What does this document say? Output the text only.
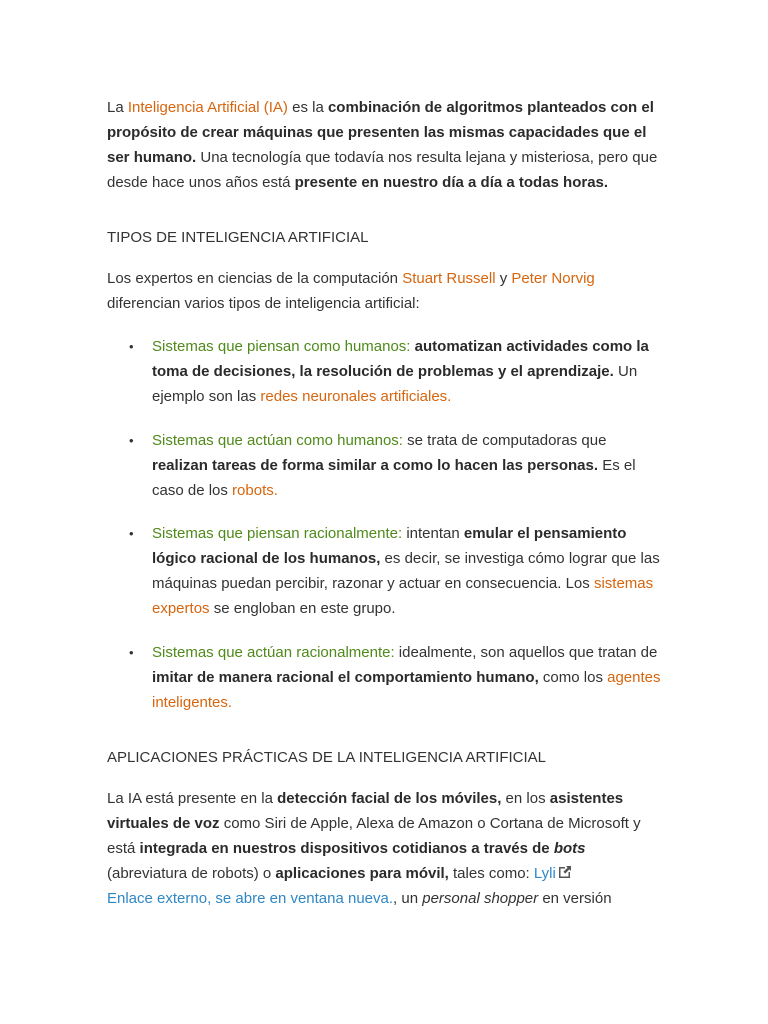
La Inteligencia Artificial (IA) es la combinación de algoritmos planteados con el propósito de crear máquinas que presenten las mismas capacidades que el ser humano. Una tecnología que todavía nos resulta lejana y misteriosa, pero que desde hace unos años está presente en nuestro día a día a todas horas.

TIPOS DE INTELIGENCIA ARTIFICIAL

Los expertos en ciencias de la computación Stuart Russell y Peter Norvig diferencian varios tipos de inteligencia artificial:

• Sistemas que piensan como humanos: automatizan actividades como la toma de decisiones, la resolución de problemas y el aprendizaje. Un ejemplo son las redes neuronales artificiales.
• Sistemas que actúan como humanos: se trata de computadoras que realizan tareas de forma similar a como lo hacen las personas. Es el caso de los robots.
• Sistemas que piensan racionalmente: intentan emular el pensamiento lógico racional de los humanos, es decir, se investiga cómo lograr que las máquinas puedan percibir, razonar y actuar en consecuencia. Los sistemas expertos se engloban en este grupo.
• Sistemas que actúan racionalmente: idealmente, son aquellos que tratan de imitar de manera racional el comportamiento humano, como los agentes inteligentes.
APLICACIONES PRÁCTICAS DE LA INTELIGENCIA ARTIFICIAL

La IA está presente en la detección facial de los móviles, en los asistentes virtuales de voz como Siri de Apple, Alexa de Amazon o Cortana de Microsoft y está integrada en nuestros dispositivos cotidianos a través de bots (abreviatura de robots) o aplicaciones para móvil, tales como: Lyli
Enlace externo, se abre en ventana nueva., un personal shopper en versión
